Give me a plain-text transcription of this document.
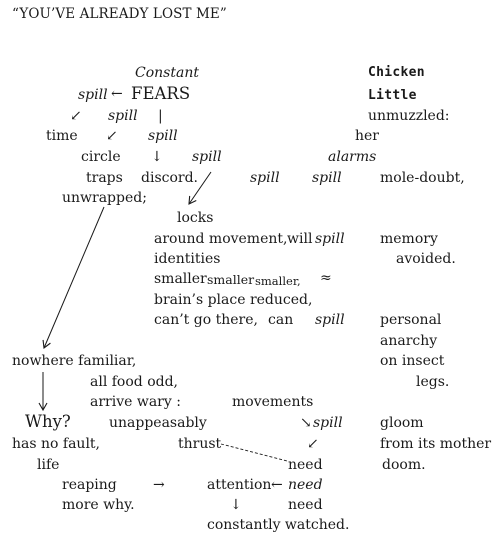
“YOU’VE ALREADY LOST ME”
Constant	Chicken
spill ← FEARS	Little
↙ spill |	unmuzzled:
time ↙ spill	her
circle ↓ spill	alarms
traps discord.	spill spill	mole-doubt,
unwrapped;
locks
around movement, will spill	memory
identities	avoided.
smaller smaller smaller, ≈
brain’s place reduced,
can’t go there, can spill	personal
anarchy
nowhere familiar,	on insect
all food odd,	legs.
arrive wary :	movements
Why?	unappeasably	↘ spill	gloom
has no fault,	thrust	↙	from its mother
life	need	doom.
reaping	→	attention ← need
more why.	↓	need
constantly watched.
